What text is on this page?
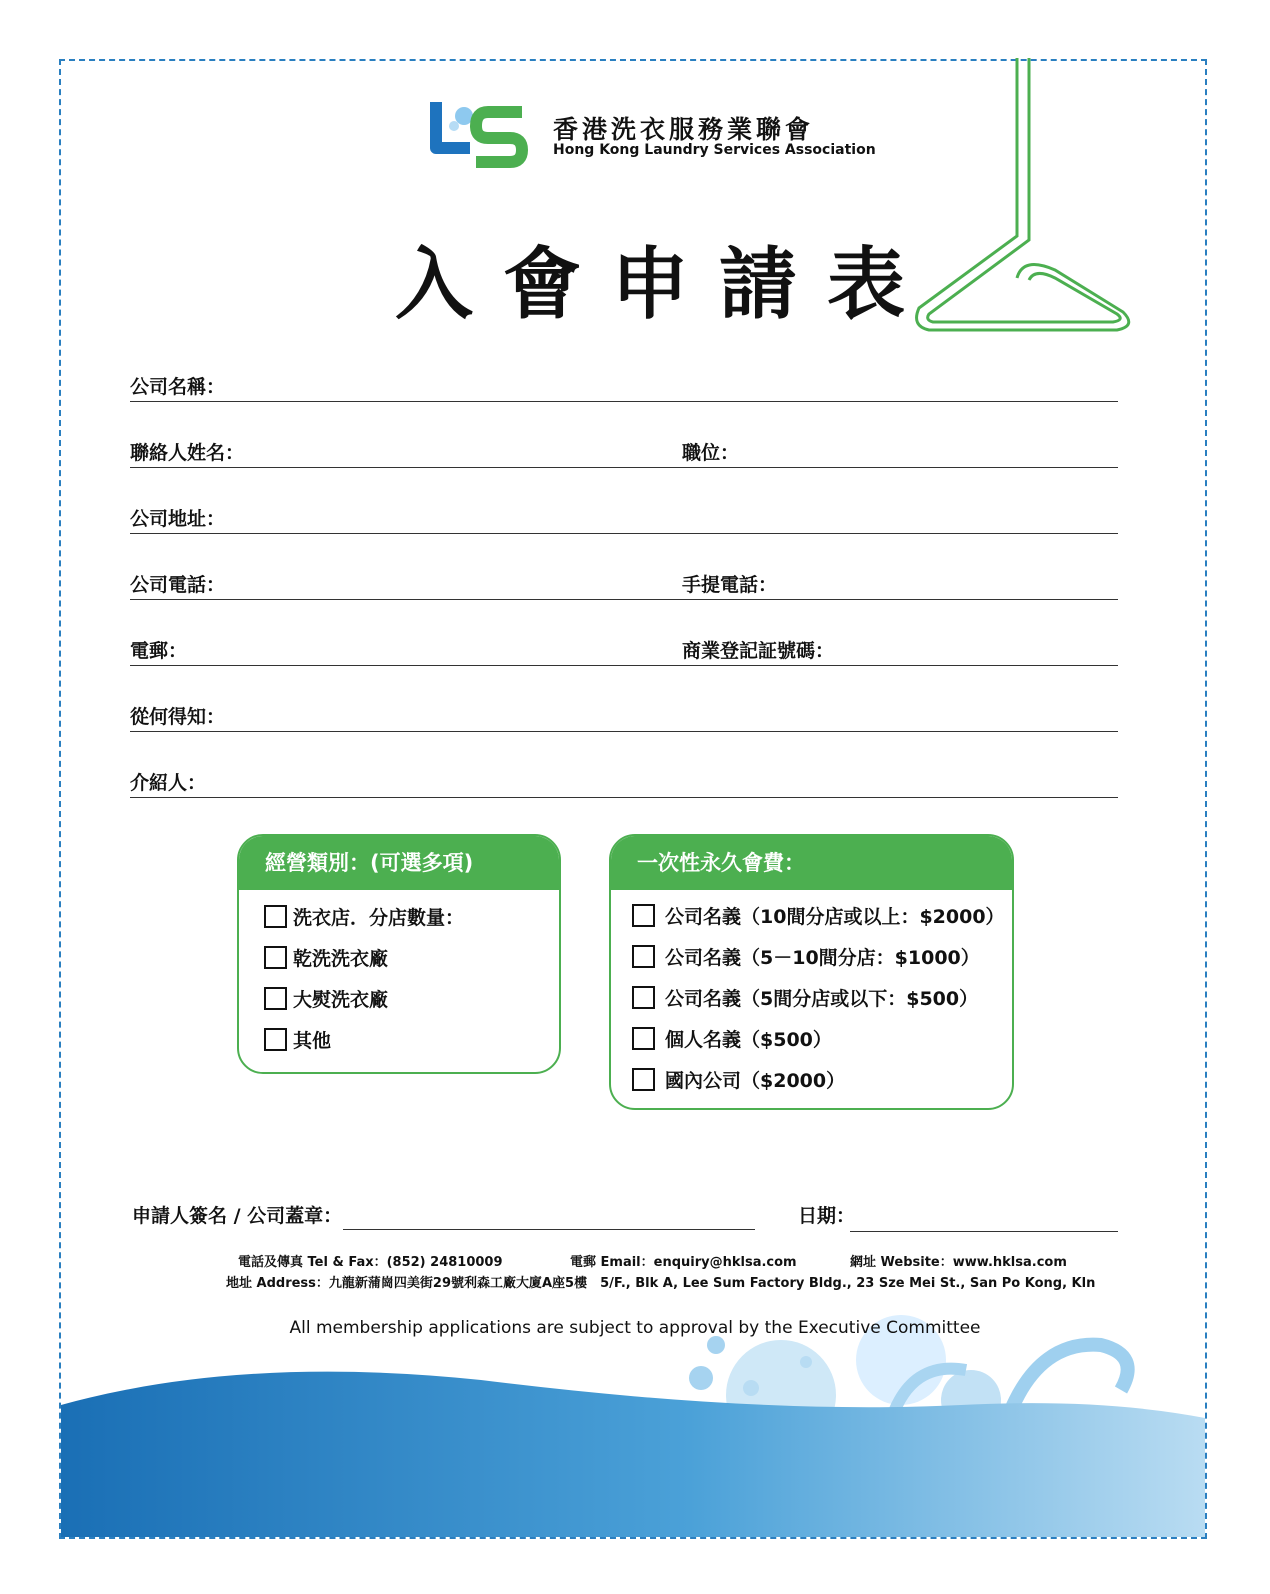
香港洗衣服務業聯會
Hong Kong Laundry Services Association
入會申請表
公司名稱：
聯絡人姓名：	職位：
公司地址：
公司電話：	手提電話：
電郵：	商業登記証號碼：
從何得知：
介紹人：
經營類別：(可選多項)
洗衣店．分店數量：
乾洗洗衣廠
大熨洗衣廠
其他
一次性永久會費：
公司名義（10間分店或以上：$2000）
公司名義（5－10間分店：$1000）
公司名義（5間分店或以下：$500）
個人名義（$500）
國內公司（$2000）
申請人簽名 / 公司蓋章：	日期：
電話及傳真 Tel & Fax：(852) 24810009	電郵 Email：enquiry@hklsa.com	網址 Website：www.hklsa.com
地址 Address：九龍新蒲崗四美街29號利森工廠大廈A座5樓　5/F., Blk A, Lee Sum Factory Bldg., 23 Sze Mei St., San Po Kong, Kln
All membership applications are subject to approval by the Executive Committee
